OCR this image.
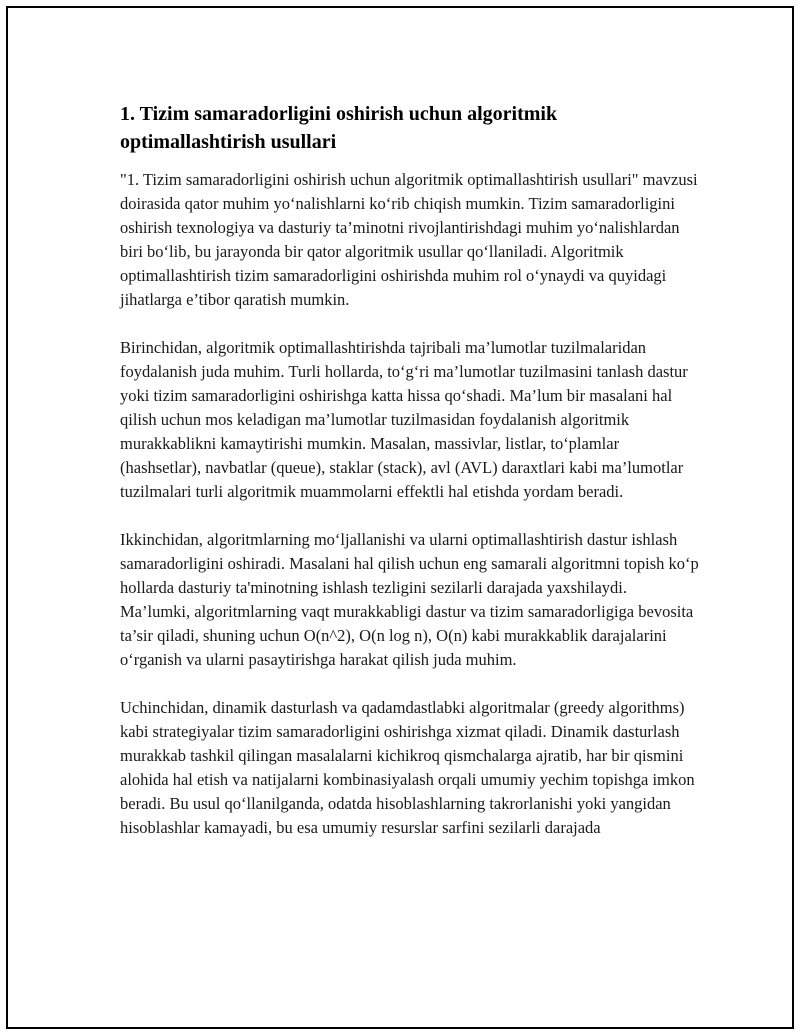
1. Tizim samaradorligini oshirish uchun algoritmik optimallashtirish usullari

"1. Tizim samaradorligini oshirish uchun algoritmik optimallashtirish usullari" mavzusi doirasida qator muhim yo‘nalishlarni ko‘rib chiqish mumkin. Tizim samaradorligini oshirish texnologiya va dasturiy ta’minotni rivojlantirishdagi muhim yo‘nalishlardan biri bo‘lib, bu jarayonda bir qator algoritmik usullar qo‘llaniladi. Algoritmik optimallashtirish tizim samaradorligini oshirishda muhim rol o‘ynaydi va quyidagi jihatlarga e’tibor qaratish mumkin.

Birinchidan, algoritmik optimallashtirishda tajribali ma’lumotlar tuzilmalaridan foydalanish juda muhim. Turli hollarda, to‘g‘ri ma’lumotlar tuzilmasini tanlash dastur yoki tizim samaradorligini oshirishga katta hissa qo‘shadi. Ma’lum bir masalani hal qilish uchun mos keladigan ma’lumotlar tuzilmasidan foydalanish algoritmik murakkablikni kamaytirishi mumkin. Masalan, massivlar, listlar, to‘plamlar (hashsetlar), navbatlar (queue), staklar (stack), avl (AVL) daraxtlari kabi ma’lumotlar tuzilmalari turli algoritmik muammolarni effektli hal etishda yordam beradi.

Ikkinchidan, algoritmlarning mo‘ljallanishi va ularni optimallashtirish dastur ishlash samaradorligini oshiradi. Masalani hal qilish uchun eng samarali algoritmni topish ko‘p hollarda dasturiy ta'minotning ishlash tezligini sezilarli darajada yaxshilaydi. Ma’lumki, algoritmlarning vaqt murakkabligi dastur va tizim samaradorligiga bevosita ta’sir qiladi, shuning uchun O(n^2), O(n log n), O(n) kabi murakkablik darajalarini o‘rganish va ularni pasaytirishga harakat qilish juda muhim.

Uchinchidan, dinamik dasturlash va qadamdastlabki algoritmalar (greedy algorithms) kabi strategiyalar tizim samaradorligini oshirishga xizmat qiladi. Dinamik dasturlash murakkab tashkil qilingan masalalarni kichikroq qismchalarga ajratib, har bir qismini alohida hal etish va natijalarni kombinasiyalash orqali umumiy yechim topishga imkon beradi. Bu usul qo‘llanilganda, odatda hisoblashlarning takrorlanishi yoki yangidan hisoblashlar kamayadi, bu esa umumiy resurslar sarfini sezilarli darajada
